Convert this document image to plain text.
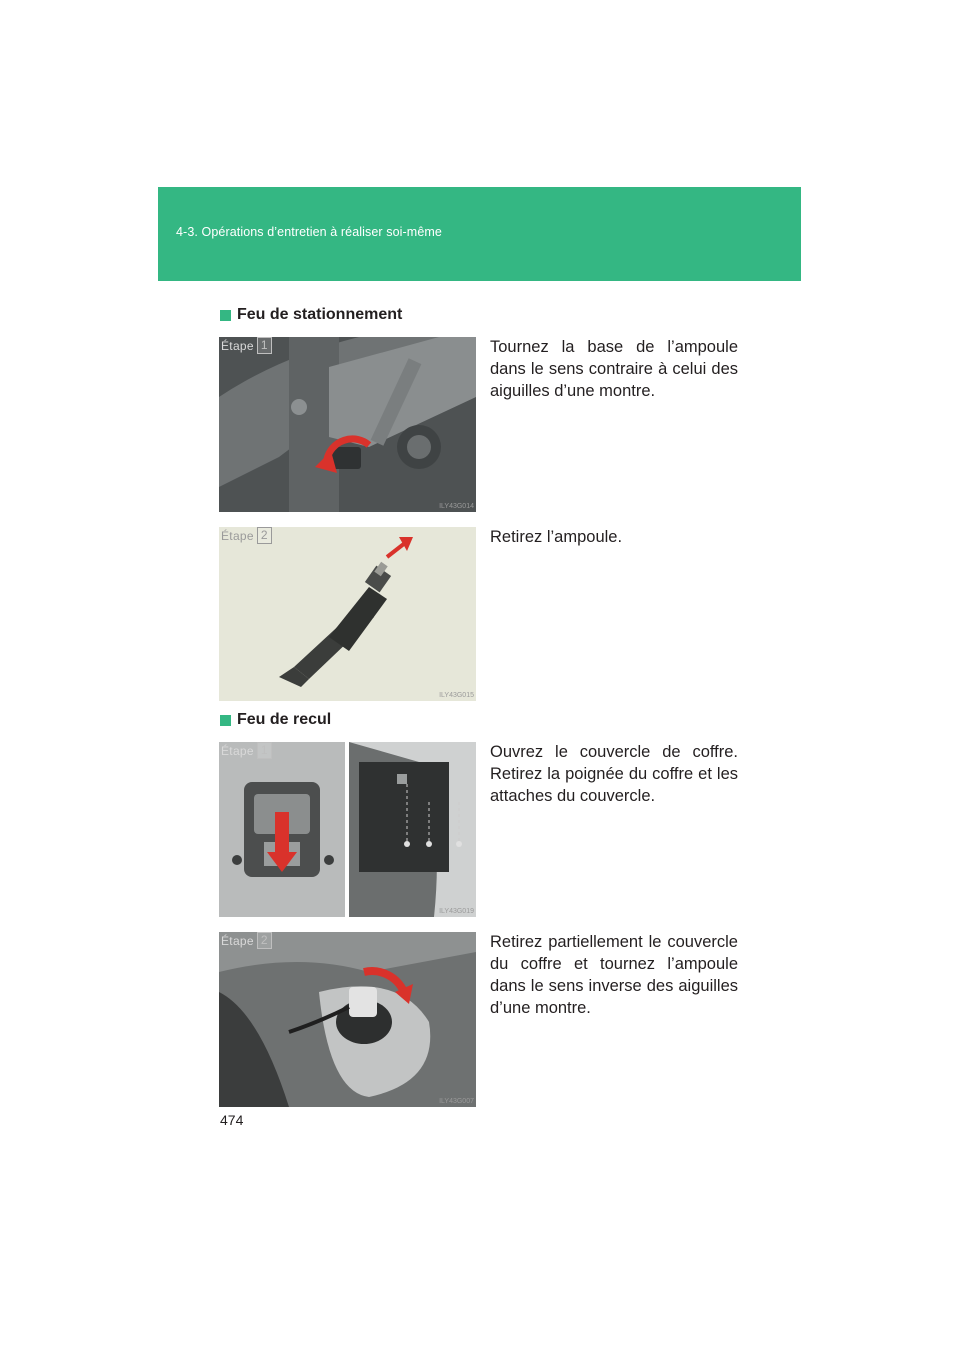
4-3. Opérations d’entretien à réaliser soi-même
Feu de stationnement
Étape 1
ILY43G014
Tournez la base de l’ampoule dans le sens contraire à celui des aiguilles d’une montre.
Étape 2
ILY43G015
Retirez l’ampoule.
Feu de recul
Étape 1
ILY43G019
Ouvrez le couvercle de coffre. Retirez la poignée du coffre et les attaches du couvercle.
Étape 2
ILY43G007
Retirez partiellement le couvercle du coffre et tournez l’ampoule dans le sens inverse des aiguilles d’une montre.
474
